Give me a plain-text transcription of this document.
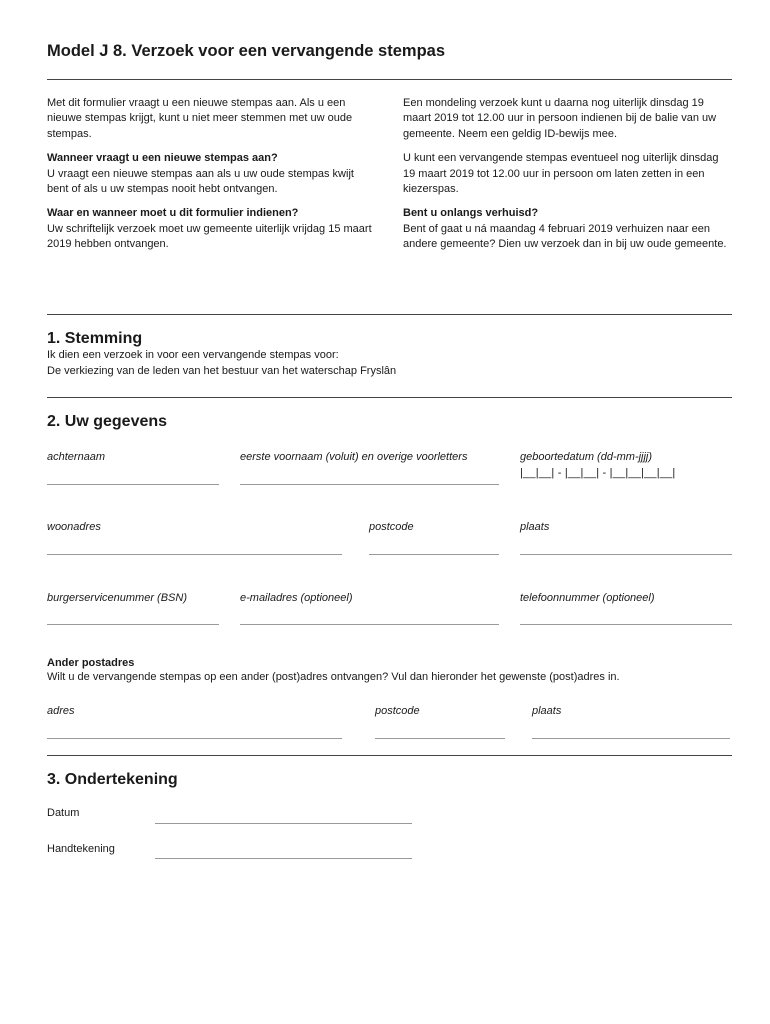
Model J 8. Verzoek voor een vervangende stempas

Met dit formulier vraagt u een nieuwe stempas aan. Als u een nieuwe stempas krijgt, kunt u niet meer stemmen met uw oude stempas.

Wanneer vraagt u een nieuwe stempas aan?

U vraagt een nieuwe stempas aan als u uw oude stempas kwijt bent of als u uw stempas nooit hebt ontvangen.

Waar en wanneer moet u dit formulier indienen?

Uw schriftelijk verzoek moet uw gemeente uiterlijk vrijdag 15 maart 2019 hebben ontvangen.

Een mondeling verzoek kunt u daarna nog uiterlijk dinsdag 19 maart 2019 tot 12.00 uur in persoon indienen bij de balie van uw gemeente. Neem een geldig ID-bewijs mee.

U kunt een vervangende stempas eventueel nog uiterlijk dinsdag 19 maart 2019 tot 12.00 uur in persoon om laten zetten in een kiezerspas.

Bent u onlangs verhuisd?

Bent of gaat u ná maandag 4 februari 2019 verhuizen naar een andere gemeente? Dien uw verzoek dan in bij uw oude gemeente.

1. Stemming
Ik dien een verzoek in voor een vervangende stempas voor:
De verkiezing van de leden van het bestuur van het waterschap Fryslân
2. Uw gegevens
achternaam	eerste voornaam (voluit) en overige voorletters	geboortedatum (dd-mm-jjjj)
|__|__| - |__|__| - |__|__|__|__|
woonadres	postcode	plaats
burgerservicenummer (BSN)	e-mailadres (optioneel)	telefoonnummer (optioneel)
Ander postadres
Wilt u de vervangende stempas op een ander (post)adres ontvangen? Vul dan hieronder het gewenste (post)adres in.
adres	postcode	plaats
3. Ondertekening
Datum
Handtekening
